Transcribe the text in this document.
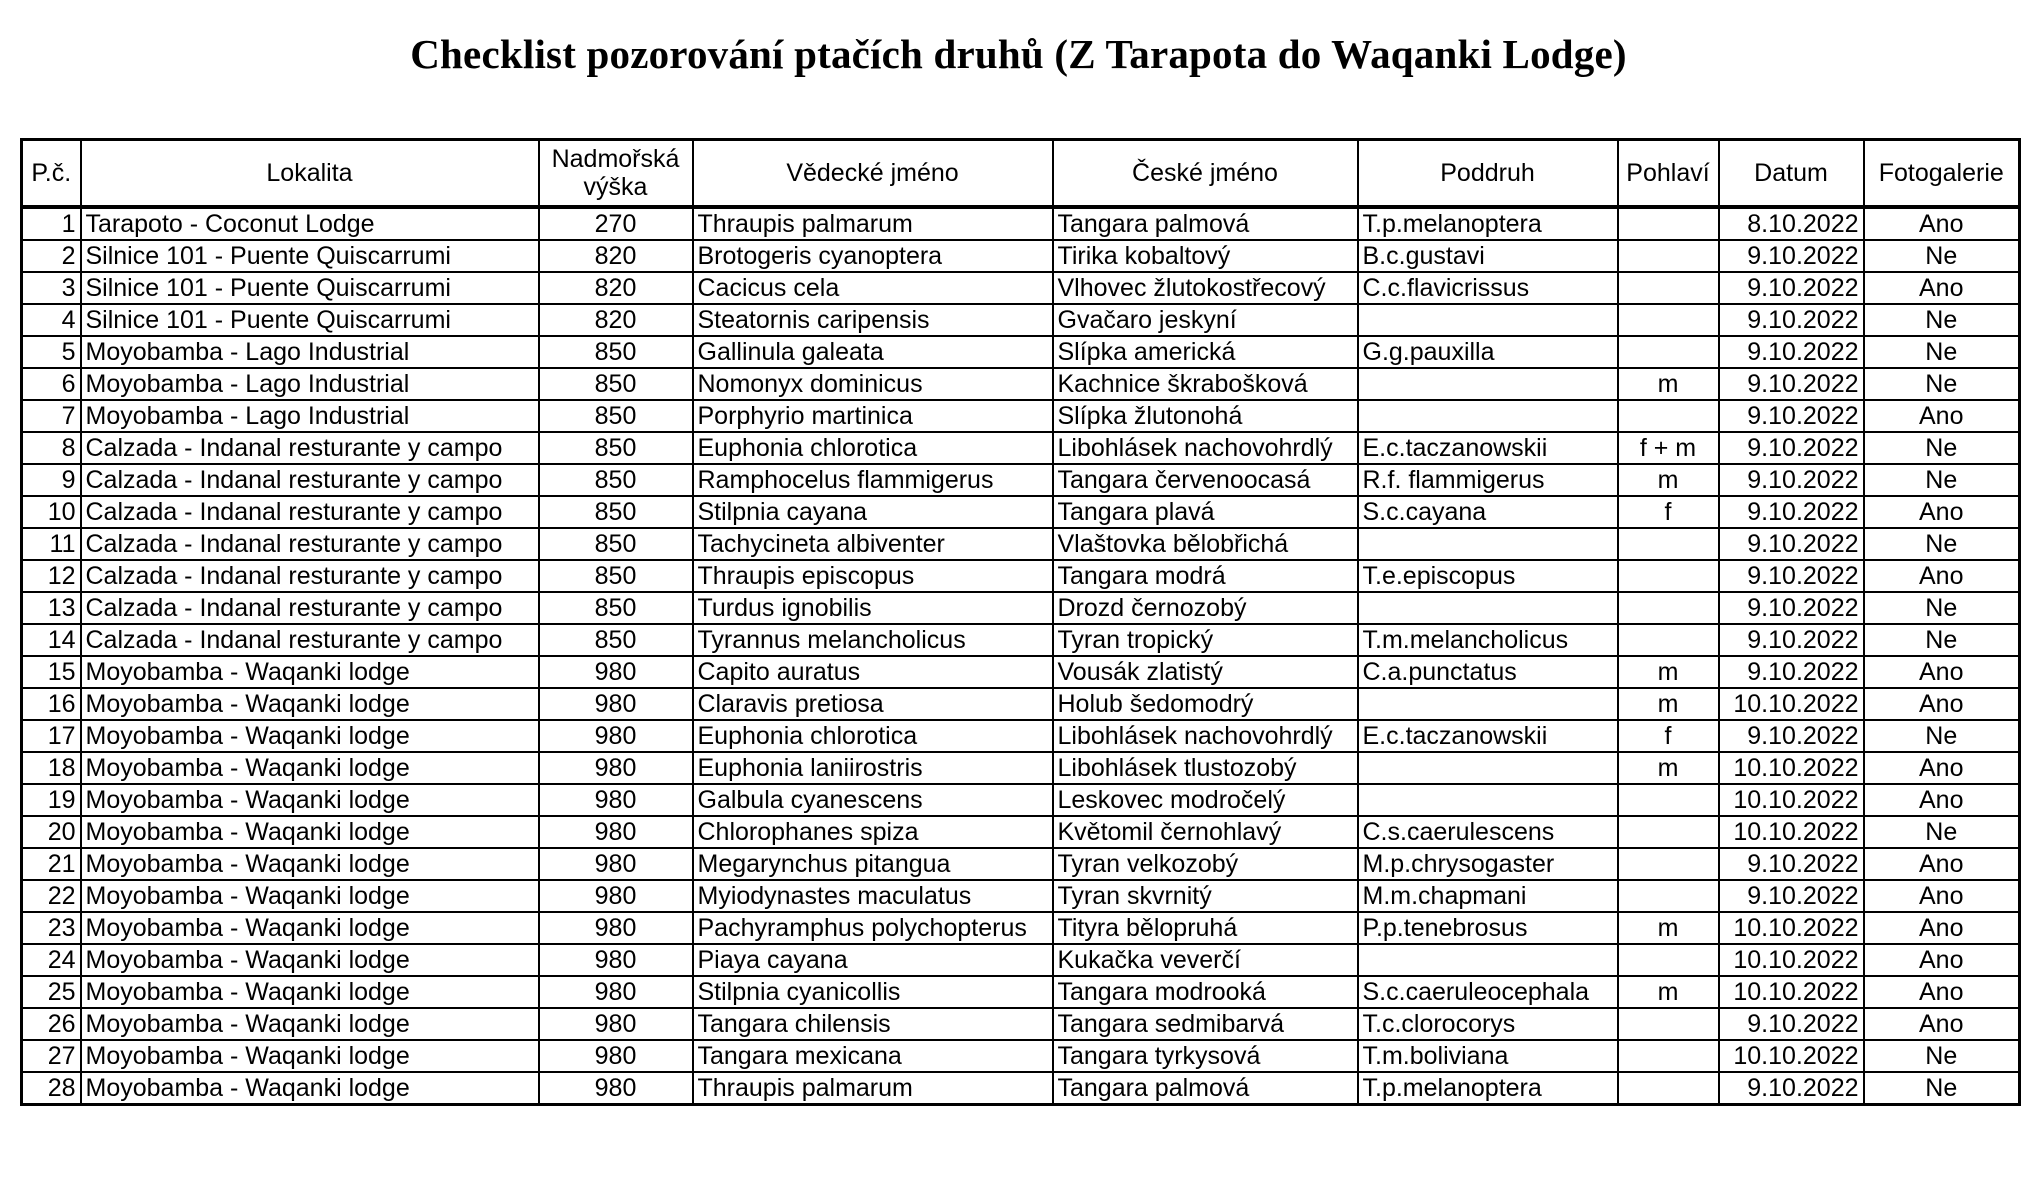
Checklist pozorování ptačích druhů (Z Tarapota do Waqanki Lodge)
P.č.	Lokalita	Nadmořská
výška	Vědecké jméno	České jméno	Poddruh	Pohlaví	Datum	Fotogalerie
1	Tarapoto - Coconut Lodge	270	Thraupis palmarum	Tangara palmová	T.p.melanoptera		8.10.2022	Ano
2	Silnice 101 - Puente Quiscarrumi	820	Brotogeris cyanoptera	Tirika kobaltový	B.c.gustavi		9.10.2022	Ne
3	Silnice 101 - Puente Quiscarrumi	820	Cacicus cela	Vlhovec žlutokostřecový	C.c.flavicrissus		9.10.2022	Ano
4	Silnice 101 - Puente Quiscarrumi	820	Steatornis caripensis	Gvačaro jeskyní			9.10.2022	Ne
5	Moyobamba - Lago Industrial	850	Gallinula galeata	Slípka americká	G.g.pauxilla		9.10.2022	Ne
6	Moyobamba - Lago Industrial	850	Nomonyx dominicus	Kachnice škrabošková		m	9.10.2022	Ne
7	Moyobamba - Lago Industrial	850	Porphyrio martinica	Slípka žlutonohá			9.10.2022	Ano
8	Calzada - Indanal resturante y campo	850	Euphonia chlorotica	Libohlásek nachovohrdlý	E.c.taczanowskii	f + m	9.10.2022	Ne
9	Calzada - Indanal resturante y campo	850	Ramphocelus flammigerus	Tangara červenoocasá	R.f. flammigerus	m	9.10.2022	Ne
10	Calzada - Indanal resturante y campo	850	Stilpnia cayana	Tangara plavá	S.c.cayana	f	9.10.2022	Ano
11	Calzada - Indanal resturante y campo	850	Tachycineta albiventer	Vlaštovka bělobřichá			9.10.2022	Ne
12	Calzada - Indanal resturante y campo	850	Thraupis episcopus	Tangara modrá	T.e.episcopus		9.10.2022	Ano
13	Calzada - Indanal resturante y campo	850	Turdus ignobilis	Drozd černozobý			9.10.2022	Ne
14	Calzada - Indanal resturante y campo	850	Tyrannus melancholicus	Tyran tropický	T.m.melancholicus		9.10.2022	Ne
15	Moyobamba - Waqanki lodge	980	Capito auratus	Vousák zlatistý	C.a.punctatus	m	9.10.2022	Ano
16	Moyobamba - Waqanki lodge	980	Claravis pretiosa	Holub šedomodrý		m	10.10.2022	Ano
17	Moyobamba - Waqanki lodge	980	Euphonia chlorotica	Libohlásek nachovohrdlý	E.c.taczanowskii	f	9.10.2022	Ne
18	Moyobamba - Waqanki lodge	980	Euphonia laniirostris	Libohlásek tlustozobý		m	10.10.2022	Ano
19	Moyobamba - Waqanki lodge	980	Galbula cyanescens	Leskovec modročelý			10.10.2022	Ano
20	Moyobamba - Waqanki lodge	980	Chlorophanes spiza	Květomil černohlavý	C.s.caerulescens		10.10.2022	Ne
21	Moyobamba - Waqanki lodge	980	Megarynchus pitangua	Tyran velkozobý	M.p.chrysogaster		9.10.2022	Ano
22	Moyobamba - Waqanki lodge	980	Myiodynastes maculatus	Tyran skvrnitý	M.m.chapmani		9.10.2022	Ano
23	Moyobamba - Waqanki lodge	980	Pachyramphus polychopterus	Tityra bělopruhá	P.p.tenebrosus	m	10.10.2022	Ano
24	Moyobamba - Waqanki lodge	980	Piaya cayana	Kukačka veverčí			10.10.2022	Ano
25	Moyobamba - Waqanki lodge	980	Stilpnia cyanicollis	Tangara modrooká	S.c.caeruleocephala	m	10.10.2022	Ano
26	Moyobamba - Waqanki lodge	980	Tangara chilensis	Tangara sedmibarvá	T.c.clorocorys		9.10.2022	Ano
27	Moyobamba - Waqanki lodge	980	Tangara mexicana	Tangara tyrkysová	T.m.boliviana		10.10.2022	Ne
28	Moyobamba - Waqanki lodge	980	Thraupis palmarum	Tangara palmová	T.p.melanoptera		9.10.2022	Ne
